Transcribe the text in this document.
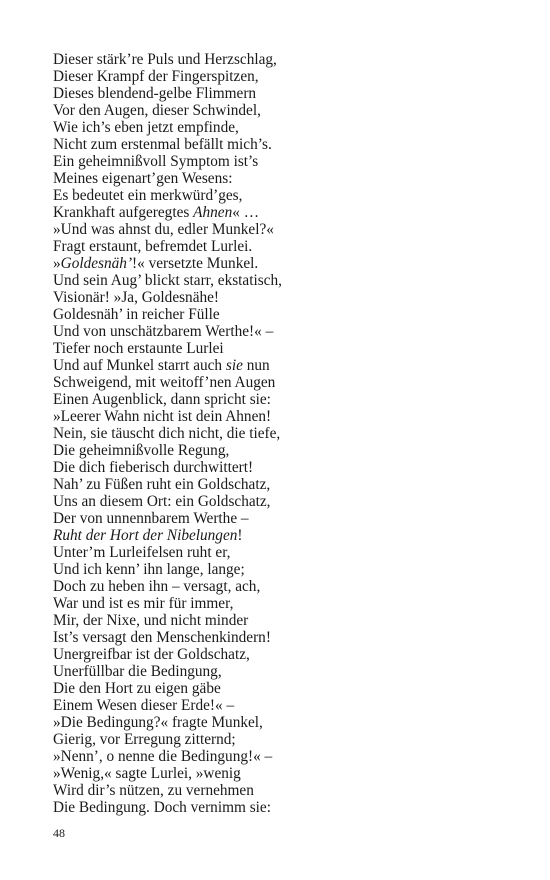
Dieser stärk’re Puls und Herzschlag,
Dieser Krampf der Fingerspitzen,
Dieses blendend-gelbe Flimmern
Vor den Augen, dieser Schwindel,
Wie ich’s eben jetzt empfinde,
Nicht zum erstenmal befällt mich’s.
Ein geheimnißvoll Symptom ist’s
Meines eigenart’gen Wesens:
Es bedeutet ein merkwürd’ges,
Krankhaft aufgeregtes Ahnen« …
»Und was ahnst du, edler Munkel?«
Fragt erstaunt, befremdet Lurlei.
»Goldesnäh’!« versetzte Munkel.
Und sein Aug’ blickt starr, ekstatisch,
Visionär! »Ja, Goldesnähe!
Goldesnäh’ in reicher Fülle
Und von unschätzbarem Werthe!« –
Tiefer noch erstaunte Lurlei
Und auf Munkel starrt auch sie nun
Schweigend, mit weitoff’nen Augen
Einen Augenblick, dann spricht sie:
»Leerer Wahn nicht ist dein Ahnen!
Nein, sie täuscht dich nicht, die tiefe,
Die geheimnißvolle Regung,
Die dich fieberisch durchwittert!
Nah’ zu Füßen ruht ein Goldschatz,
Uns an diesem Ort: ein Goldschatz,
Der von unnennbarem Werthe –
Ruht der Hort der Nibelungen!
Unter’m Lurleifelsen ruht er,
Und ich kenn’ ihn lange, lange;
Doch zu heben ihn – versagt, ach,
War und ist es mir für immer,
Mir, der Nixe, und nicht minder
Ist’s versagt den Menschenkindern!
Unergreifbar ist der Goldschatz,
Unerfüllbar die Bedingung,
Die den Hort zu eigen gäbe
Einem Wesen dieser Erde!« –
»Die Bedingung?« fragte Munkel,
Gierig, vor Erregung zitternd;
»Nenn’, o nenne die Bedingung!« –
»Wenig,« sagte Lurlei, »wenig
Wird dir’s nützen, zu vernehmen
Die Bedingung. Doch vernimm sie:
48
